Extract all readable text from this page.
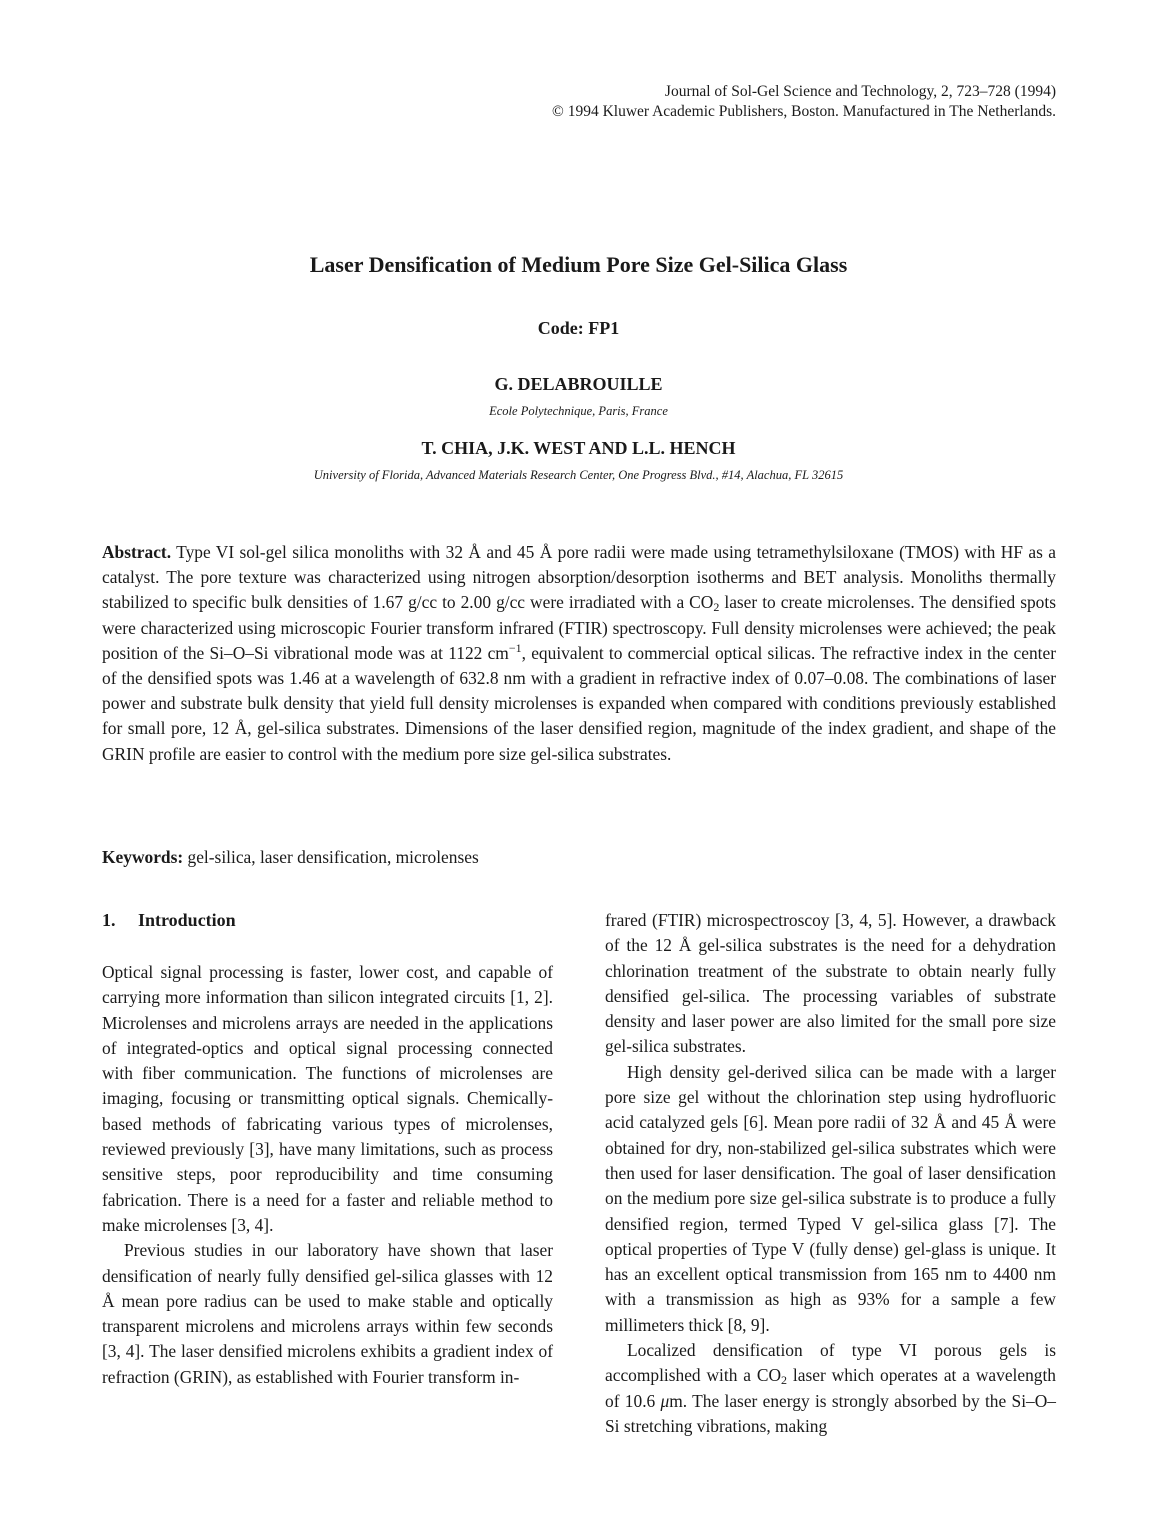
Journal of Sol-Gel Science and Technology, 2, 723–728 (1994)
© 1994 Kluwer Academic Publishers, Boston. Manufactured in The Netherlands.
Laser Densification of Medium Pore Size Gel-Silica Glass
Code: FP1
G. DELABROUILLE
Ecole Polytechnique, Paris, France
T. CHIA, J.K. WEST AND L.L. HENCH
University of Florida, Advanced Materials Research Center, One Progress Blvd., #14, Alachua, FL 32615

Abstract. Type VI sol-gel silica monoliths with 32 Å and 45 Å pore radii were made using tetramethylsiloxane (TMOS) with HF as a catalyst. The pore texture was characterized using nitrogen absorption/desorption isotherms and BET analysis. Monoliths thermally stabilized to specific bulk densities of 1.67 g/cc to 2.00 g/cc were irradiated with a $CO_2$ laser to create microlenses. The densified spots were characterized using microscopic Fourier transform infrared (FTIR) spectroscopy. Full density microlenses were achieved; the peak position of the Si–O–Si vibrational mode was at 1122 $cm^{-1}$, equivalent to commercial optical silicas. The refractive index in the center of the densified spots was 1.46 at a wavelength of 632.8 nm with a gradient in refractive index of 0.07–0.08. The combinations of laser power and substrate bulk density that yield full density microlenses is expanded when compared with conditions previously established for small pore, 12 Å, gel-silica substrates. Dimensions of the laser densified region, magnitude of the index gradient, and shape of the GRIN profile are easier to control with the medium pore size gel-silica substrates.

Keywords: gel-silica, laser densification, microlenses

1. Introduction

Optical signal processing is faster, lower cost, and capable of carrying more information than silicon integrated circuits [1, 2]. Microlenses and microlens arrays are needed in the applications of integrated-optics and optical signal processing connected with fiber communication. The functions of microlenses are imaging, focusing or transmitting optical signals. Chemically-based methods of fabricating various types of microlenses, reviewed previously [3], have many limitations, such as process sensitive steps, poor reproducibility and time consuming fabrication. There is a need for a faster and reliable method to make microlenses [3, 4].

Previous studies in our laboratory have shown that laser densification of nearly fully densified gel-silica glasses with 12 Å mean pore radius can be used to make stable and optically transparent microlens and microlens arrays within few seconds [3, 4]. The laser densified microlens exhibits a gradient index of refraction (GRIN), as established with Fourier transform in-

frared (FTIR) microspectroscoy [3, 4, 5]. However, a drawback of the 12 Å gel-silica substrates is the need for a dehydration chlorination treatment of the substrate to obtain nearly fully densified gel-silica. The processing variables of substrate density and laser power are also limited for the small pore size gel-silica substrates.

High density gel-derived silica can be made with a larger pore size gel without the chlorination step using hydrofluoric acid catalyzed gels [6]. Mean pore radii of 32 Å and 45 Å were obtained for dry, non-stabilized gel-silica substrates which were then used for laser densification. The goal of laser densification on the medium pore size gel-silica substrate is to produce a fully densified region, termed Typed V gel-silica glass [7]. The optical properties of Type V (fully dense) gel-glass is unique. It has an excellent optical transmission from 165 nm to 4400 nm with a transmission as high as 93% for a sample a few millimeters thick [8, 9].

Localized densification of type VI porous gels is accomplished with a $CO_2$ laser which operates at a wavelength of 10.6 μm. The laser energy is strongly absorbed by the Si–O–Si stretching vibrations, making
